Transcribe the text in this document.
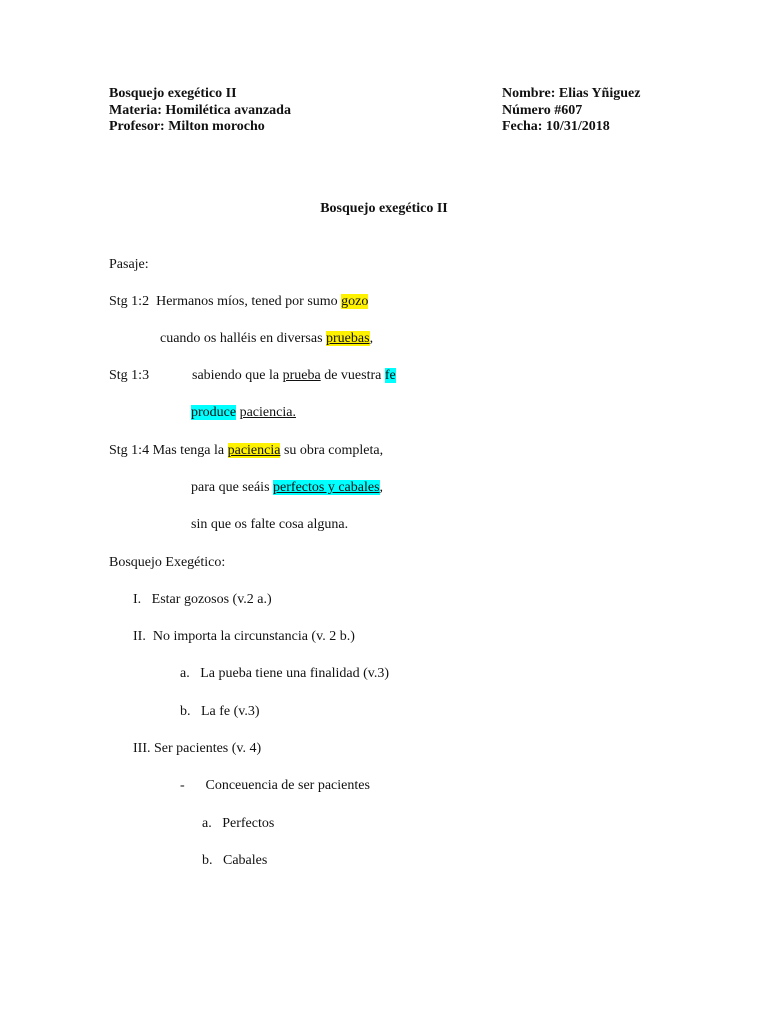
Bosquejo exegético II
Materia: Homilética avanzada
Profesor: Milton morocho
Nombre: Elias Yñiguez
Número #607
Fecha: 10/31/2018
Bosquejo exegético II
Pasaje:
Stg 1:2 Hermanos míos, tened por sumo gozo
cuando os halléis en diversas pruebas,
Stg 1:3	sabiendo que la prueba de vuestra fe
produce paciencia.
Stg 1:4 Mas tenga la paciencia su obra completa,
para que seáis perfectos y cabales,
sin que os falte cosa alguna.
Bosquejo Exegético:
I. Estar gozosos (v.2 a.)
II. No importa la circunstancia (v. 2 b.)
a. La pueba tiene una finalidad (v.3)
b. La fe (v.3)
III. Ser pacientes (v. 4)
- Conceuencia de ser pacientes
a. Perfectos
b. Cabales
